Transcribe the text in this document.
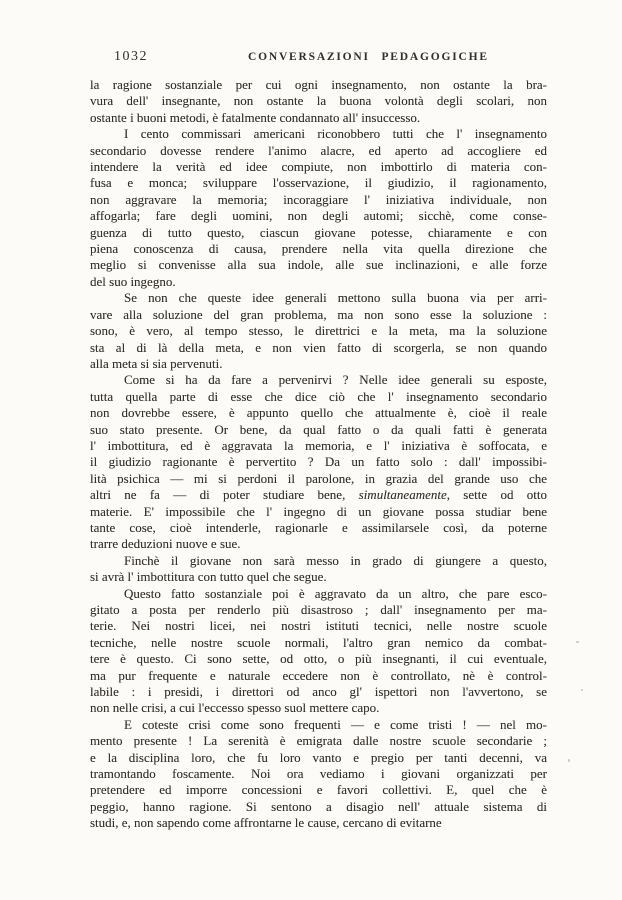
1032	CONVERSAZIONI PEDAGOGICHE

la ragione sostanziale per cui ogni insegnamento, non ostante la bra-
vura dell' insegnante, non ostante la buona volontà degli scolari, non
ostante i buoni metodi, è fatalmente condannato all' insuccesso.

I cento commissari americani riconobbero tutti che l' insegnamento
secondario dovesse rendere l'animo alacre, ed aperto ad accogliere ed
intendere la verità ed idee compiute, non imbottirlo di materia con-
fusa e monca; sviluppare l'osservazione, il giudizio, il ragionamento,
non aggravare la memoria; incoraggiare l' iniziativa individuale, non
affogarla; fare degli uomini, non degli automi; sicchè, come conse-
guenza di tutto questo, ciascun giovane potesse, chiaramente e con
piena conoscenza di causa, prendere nella vita quella direzione che
meglio si convenisse alla sua indole, alle sue inclinazioni, e alle forze
del suo ingegno.

Se non che queste idee generali mettono sulla buona via per arri-
vare alla soluzione del gran problema, ma non sono esse la soluzione :
sono, è vero, al tempo stesso, le direttrici e la meta, ma la soluzione
sta al di là della meta, e non vien fatto di scorgerla, se non quando
alla meta si sia pervenuti.

Come si ha da fare a pervenirvi ? Nelle idee generali su esposte,
tutta quella parte di esse che dice ciò che l' insegnamento secondario
non dovrebbe essere, è appunto quello che attualmente è, cioè il reale
suo stato presente. Or bene, da qual fatto o da quali fatti è generata
l' imbottitura, ed è aggravata la memoria, e l' iniziativa è soffocata, e
il giudizio ragionante è pervertito ? Da un fatto solo : dall' impossibi-
lità psichica — mi si perdoni il parolone, in grazia del grande uso che
altri ne fa — di poter studiare bene, simultaneamente, sette od otto
materie. E' impossibile che l' ingegno di un giovane possa studiar bene
tante cose, cioè intenderle, ragionarle e assimilarsele così, da poterne
trarre deduzioni nuove e sue.

Finchè il giovane non sarà messo in grado di giungere a questo,
si avrà l' imbottitura con tutto quel che segue.

Questo fatto sostanziale poi è aggravato da un altro, che pare esco-
gitato a posta per renderlo più disastroso ; dall' insegnamento per ma-
terie. Nei nostri licei, nei nostri istituti tecnici, nelle nostre scuole
tecniche, nelle nostre scuole normali, l'altro gran nemico da combat-
tere è questo. Ci sono sette, od otto, o più insegnanti, il cui eventuale,
ma pur frequente e naturale eccedere non è controllato, nè è control-
labile : i presidi, i direttori od anco gl' ispettori non l'avvertono, se
non nelle crisi, a cui l'eccesso spesso suol mettere capo.

E coteste crisi come sono frequenti — e come tristi ! — nel mo-
mento presente ! La serenità è emigrata dalle nostre scuole secondarie ;
e la disciplina loro, che fu loro vanto e pregio per tanti decenni, va
tramontando foscamente. Noi ora vediamo i giovani organizzati per
pretendere ed imporre concessioni e favori collettivi. E, quel che è
peggio, hanno ragione. Si sentono a disagio nell' attuale sistema di
studi, e, non sapendo come affrontarne le cause, cercano di evitarne
